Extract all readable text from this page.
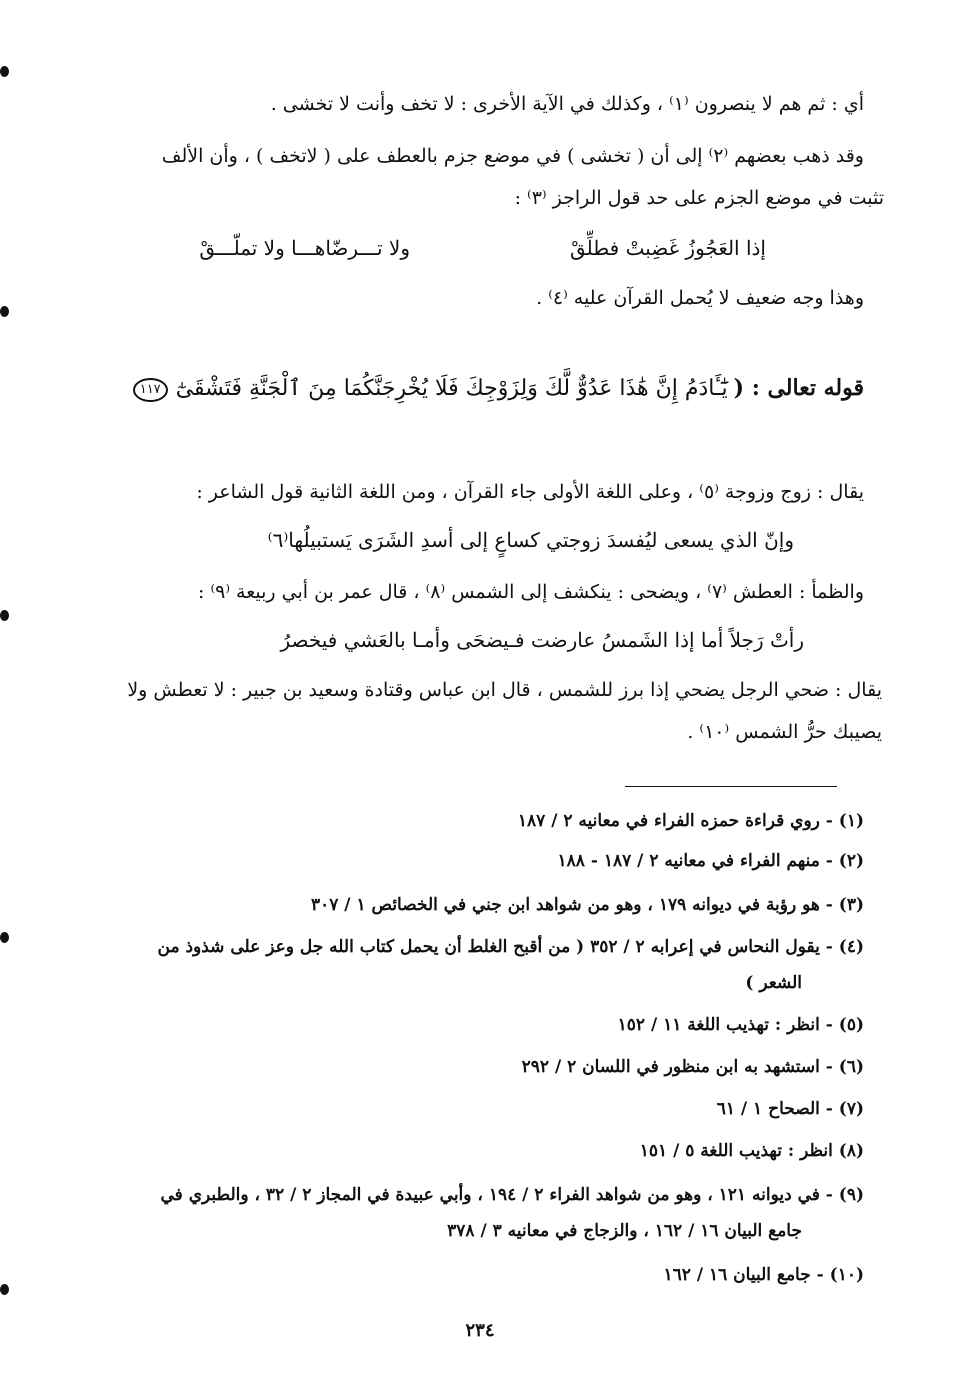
أي : ثم هم لا ينصرون ⁽١⁾ ، وكذلك في الآية الأخرى : لا تخف وأنت لا تخشى .
وقد ذهب بعضهم ⁽٢⁾ إلى أن ( تخشى ) في موضع جزم بالعطف على ( لاتخف ) ، وأن الألف
تثبت في موضع الجزم على حد قول الراجز ⁽٣⁾ :
إذا العَجُوزُ غَضِبتْ فطلِّقْ
ولا تـــرضّاهـــا ولا تملّـــقْ
وهذا وجه ضعيف لا يُحمل القرآن عليه ⁽٤⁾ .
قوله تعالى : ( يَٰٓـَٔادَمُ إِنَّ هَٰذَا عَدُوٌّ لَّكَ وَلِزَوْجِكَ فَلَا يُخْرِجَنَّكُمَا مِنَ ٱلْجَنَّةِ فَتَشْقَىٰٓ ١١٧
يقال : زوج وزوجة ⁽٥⁾ ، وعلى اللغة الأولى جاء القرآن ، ومن اللغة الثانية قول الشاعر :
وإنّ الذي يسعى ليُفسدَ زوجتي كساعٍ إلى أسدِ الشَرَى يَستبيلُها⁽٦⁾
والظمأ : العطش ⁽٧⁾ ، ويضحى : ينكشف إلى الشمس ⁽٨⁾ ، قال عمر بن أبي ربيعة ⁽٩⁾ :
رأتْ رَجلاً أما إذا الشَمسُ عارضت فـيضحَى وأمـا بالعَشي فيخصرُ
يقال : ضحي الرجل يضحي إذا برز للشمس ، قال ابن عباس وقتادة وسعيد بن جبير : لا تعطش ولا
يصيبك حرُّ الشمس ⁽١٠⁾ .
(١) - روي قراءة حمزه الفراء في معانيه ٢ / ١٨٧
(٢) - منهم الفراء في معانيه ٢ / ١٨٧ - ١٨٨
(٣) - هو رؤبة في ديوانه ١٧٩ ، وهو من شواهد ابن جني في الخصائص ١ / ٣٠٧
(٤) - يقول النحاس في إعرابه ٢ / ٣٥٢ ( من أقبح الغلط أن يحمل كتاب الله جل وعز على شذوذ من
الشعر )
(٥) - انظر : تهذيب اللغة ١١ / ١٥٢
(٦) - استشهد به ابن منظور في اللسان ٢ / ٢٩٢
(٧) - الصحاح ١ / ٦١
(٨) انظر : تهذيب اللغة ٥ / ١٥١
(٩) - في ديوانه ١٢١ ، وهو من شواهد الفراء ٢ / ١٩٤ ، وأبي عبيدة في المجاز ٢ / ٣٢ ، والطبري في
جامع البيان ١٦ / ١٦٢ ، والزجاج في معانيه ٣ / ٣٧٨
(١٠) - جامع البيان ١٦ / ١٦٢
٢٣٤
